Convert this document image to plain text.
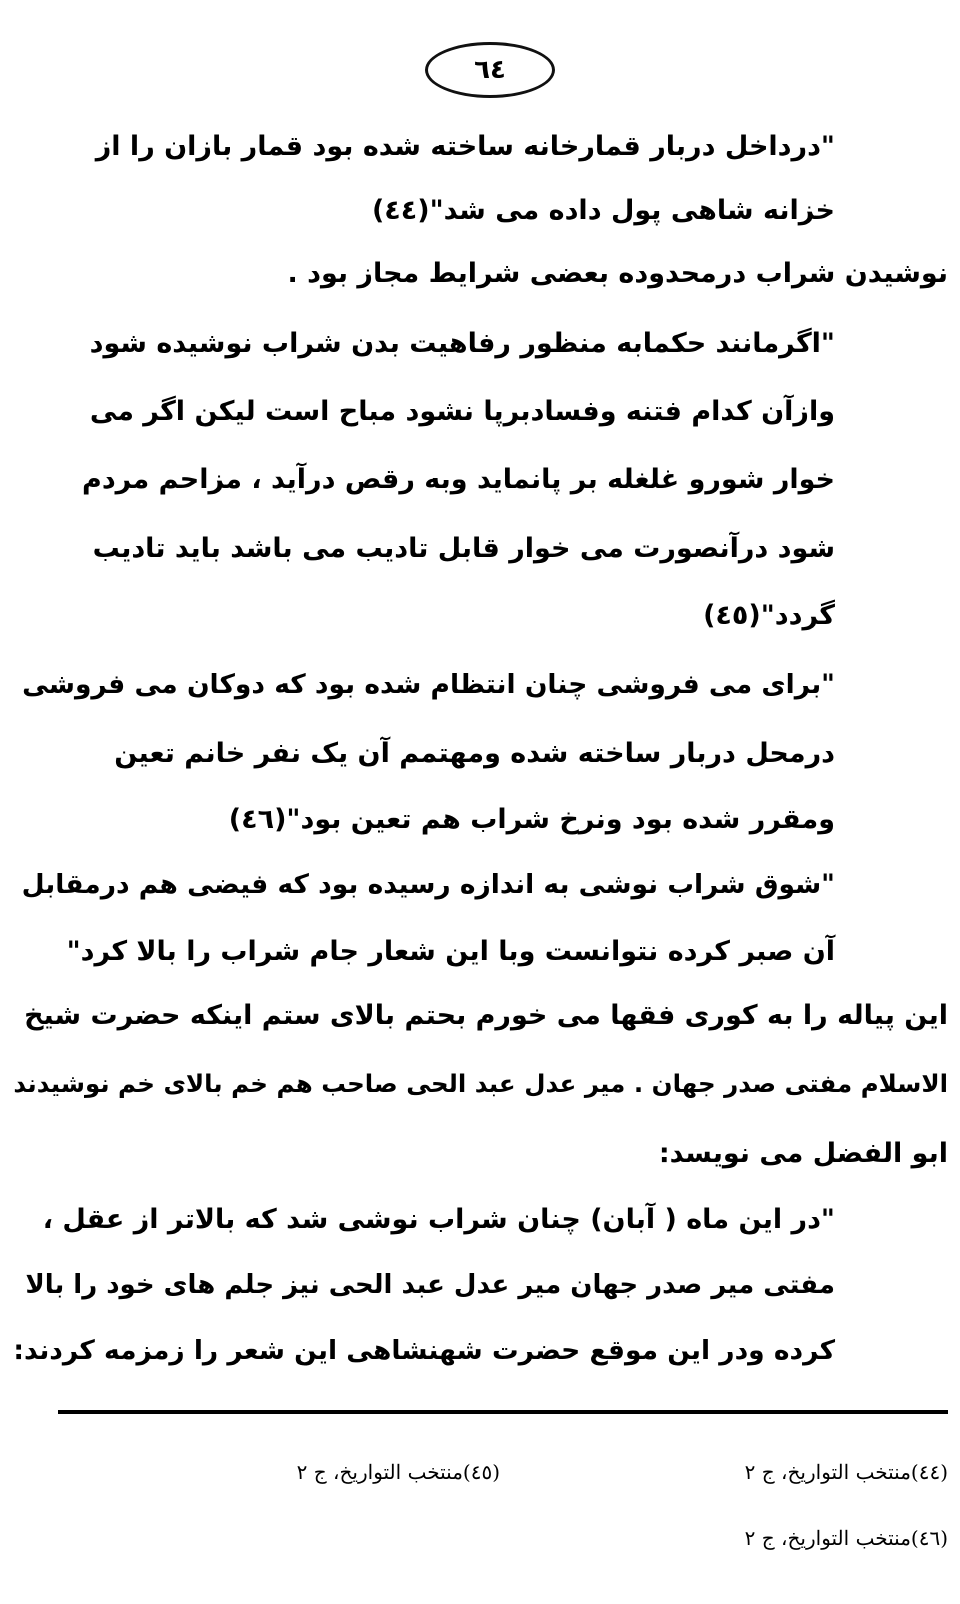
٦٤
"درداخل دربار قمارخانه ساخته شده بود قمار بازان را از
خزانه شاهی پول داده می شد"(٤٤)
نوشیدن شراب درمحدوده بعضی شرایط مجاز بود .
"اگرمانند حکمابه منظور رفاهیت بدن شراب نوشیده شود
وازآن کدام فتنه وفسادبرپا نشود مباح است لیکن اگر می
خوار شورو غلغله بر پانماید وبه رقص درآید ، مزاحم مردم
شود درآنصورت می خوار قابل تادیب می باشد باید تادیب
گردد"(٤٥)
"برای می فروشی چنان انتظام شده بود که دوکان می فروشی
درمحل دربار ساخته شده ومهتمم آن یک نفر خانم تعین
ومقرر شده بود ونرخ شراب هم تعین بود"(٤٦)
"شوق شراب نوشی به اندازه رسیده بود که فیضی هم درمقابل
آن صبر کرده نتوانست وبا این شعار جام شراب را بالا کرد"
این پیاله را به کوری فقها می خورم بحتم بالای ستم اینکه حضرت شیخ
الاسلام مفتی صدر جهان . میر عدل عبد الحی صاحب هم خم بالای خم نوشیدند
ابو الفضل می نویسد:
"در این ماه ( آبان) چنان شراب نوشی شد که بالاتر از عقل ،
مفتی میر صدر جهان میر عدل عبد الحی نیز جلم های خود را بالا
کرده ودر این موقع حضرت شهنشاهی این شعر را زمزمه کردند:
(٤٤)منتخب التواریخ، ج ٢
(٤٥)منتخب التواریخ، ج ٢
(٤٦)منتخب التواریخ، ج ٢
